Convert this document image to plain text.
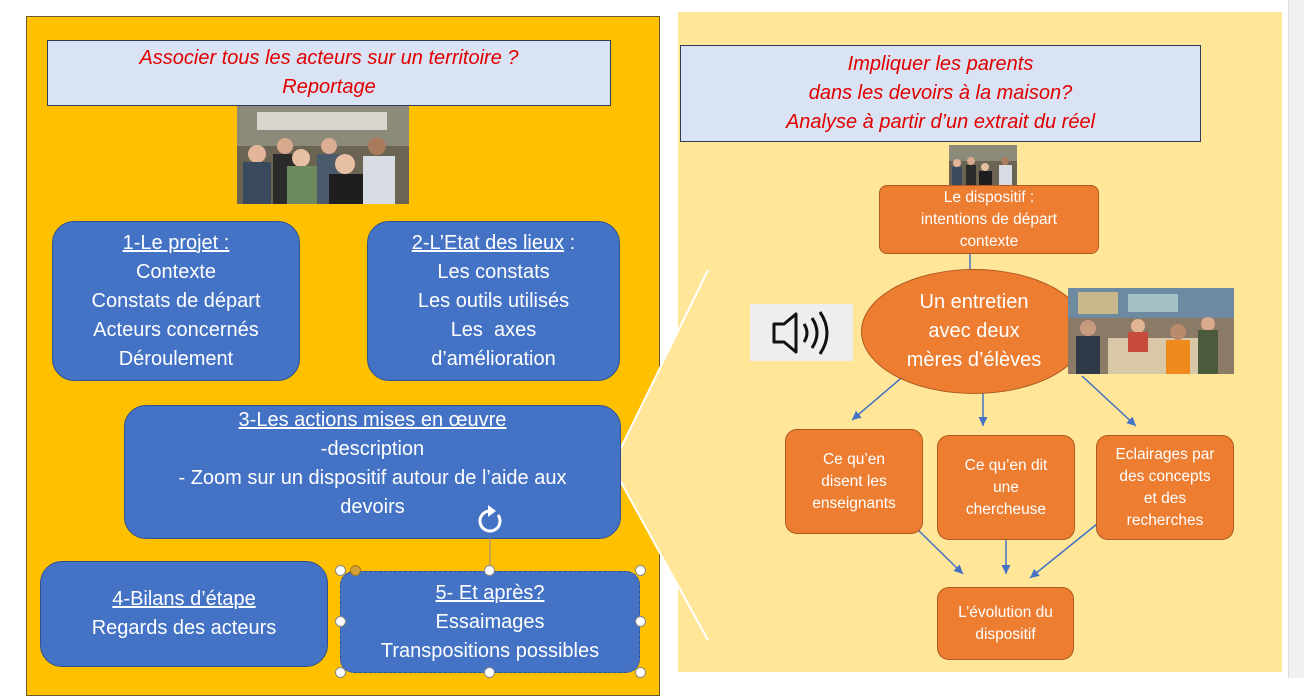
Associer tous les acteurs sur un territoire ?
Reportage
1-Le projet :
Contexte
Constats de départ
Acteurs concernés
Déroulement
2-L’Etat des lieux :
Les constats
Les outils utilisés
Les  axes
d’amélioration
3-Les actions mises en œuvre
-description
- Zoom sur un dispositif autour de l’aide aux
devoirs
4-Bilans d’étape
Regards des acteurs
5- Et après?
Essaimages
Transpositions possibles
Impliquer les parents
dans les devoirs à la maison?
Analyse à partir d’un extrait du réel
Le dispositif :
intentions de départ
contexte
Un entretien
avec deux
mères d’élèves
Ce qu’en
disent les
enseignants
Ce qu’en dit
une
chercheuse
Eclairages par
des concepts
et des
recherches
L’évolution du
dispositif
